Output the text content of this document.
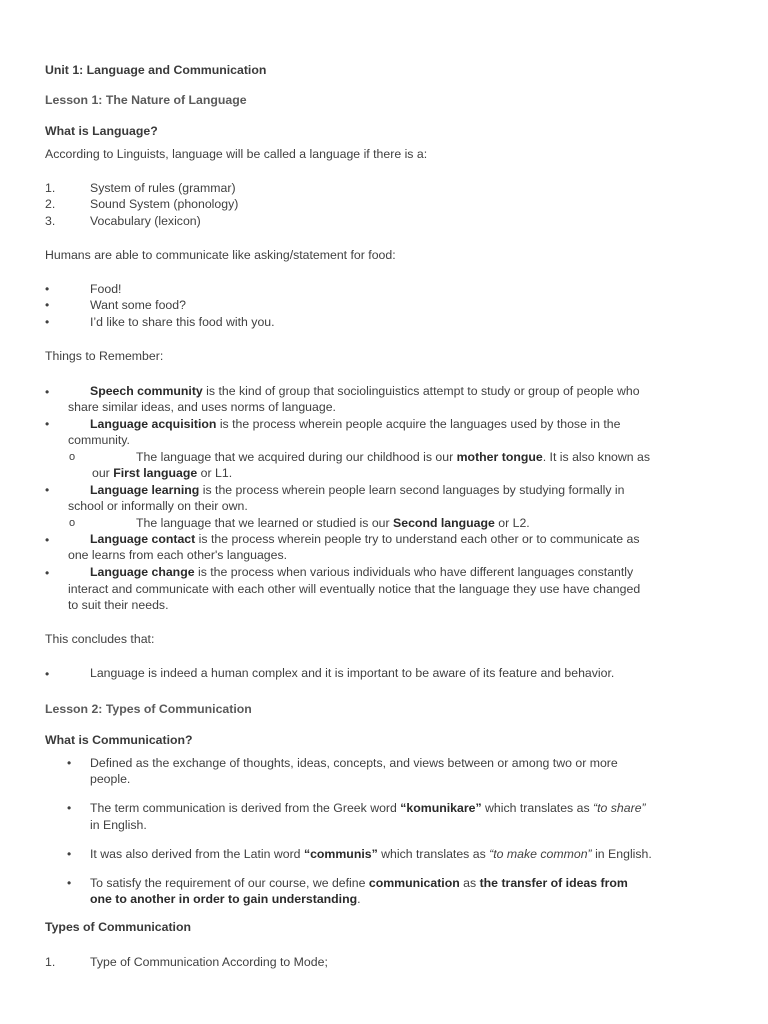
Unit 1: Language and Communication
Lesson 1: The Nature of Language
What is Language?
According to Linguists, language will be called a language if there is a:
1.	System of rules (grammar)
2.	Sound System (phonology)
3.	Vocabulary (lexicon)
Humans are able to communicate like asking/statement for food:
•	Food!
•	Want some food?
•	I’d like to share this food with you.
Things to Remember:
•	Speech community is the kind of group that sociolinguistics attempt to study or group of people who
share similar ideas, and uses norms of language.
•	Language acquisition is the process wherein people acquire the languages used by those in the
community.
o	The language that we acquired during our childhood is our mother tongue. It is also known as
our First language or L1.
•	Language learning is the process wherein people learn second languages by studying formally in
school or informally on their own.
o	The language that we learned or studied is our Second language or L2.
•	Language contact is the process wherein people try to understand each other or to communicate as
one learns from each other's languages.
•	Language change is the process when various individuals who have different languages constantly
interact and communicate with each other will eventually notice that the language they use have changed
to suit their needs.
This concludes that:
•	Language is indeed a human complex and it is important to be aware of its feature and behavior.
Lesson 2: Types of Communication
What is Communication?
• Defined as the exchange of thoughts, ideas, concepts, and views between or among two or more
people.
• The term communication is derived from the Greek word “komunikare” which translates as “to share”
in English.
• It was also derived from the Latin word “communis” which translates as “to make common” in English.
• To satisfy the requirement of our course, we define communication as the transfer of ideas from
one to another in order to gain understanding.
Types of Communication
1.	Type of Communication According to Mode;
